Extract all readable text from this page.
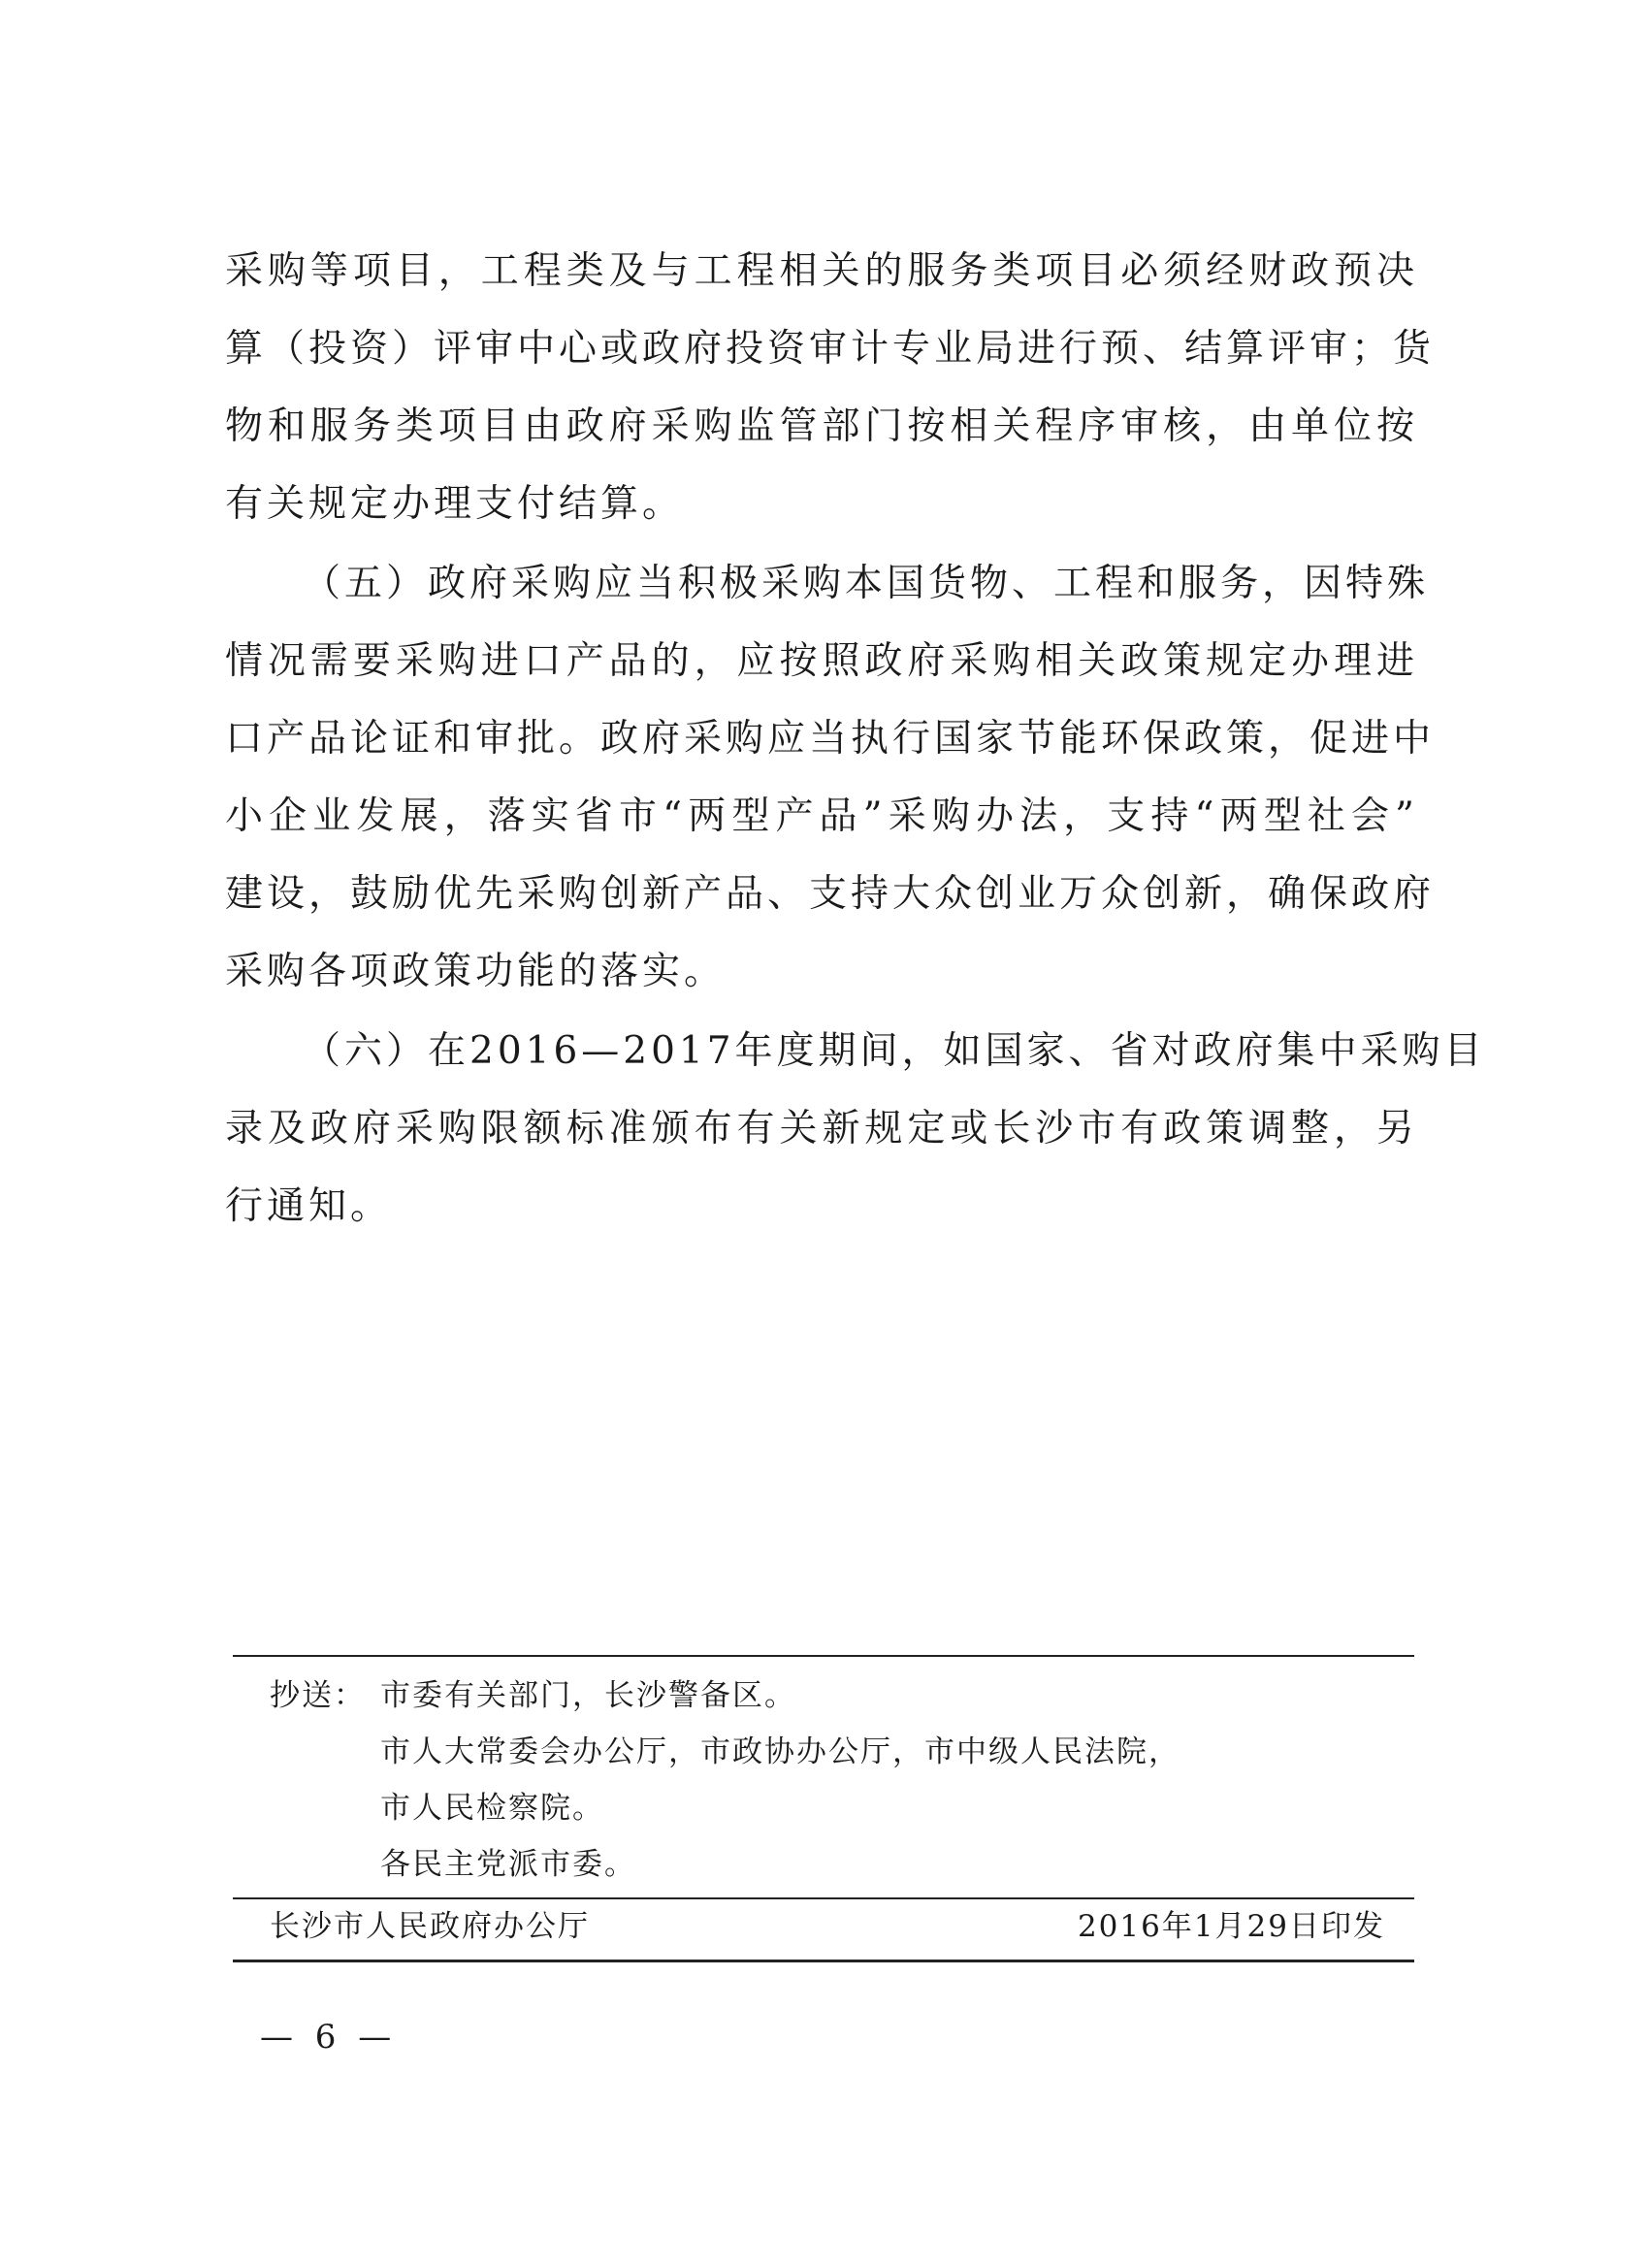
采购等项目，工程类及与工程相关的服务类项目必须经财政预决
算（投资）评审中心或政府投资审计专业局进行预、结算评审；货
物和服务类项目由政府采购监管部门按相关程序审核，由单位按
有关规定办理支付结算。
（五）政府采购应当积极采购本国货物、工程和服务，因特殊
情况需要采购进口产品的，应按照政府采购相关政策规定办理进
口产品论证和审批。政府采购应当执行国家节能环保政策，促进中
小企业发展，落实省市“两型产品”采购办法，支持“两型社会”
建设，鼓励优先采购创新产品、支持大众创业万众创新，确保政府
采购各项政策功能的落实。
（六）在2016—2017年度期间，如国家、省对政府集中采购目
录及政府采购限额标准颁布有关新规定或长沙市有政策调整，另
行通知。
抄送： 市委有关部门，长沙警备区。
市人大常委会办公厅，市政协办公厅，市中级人民法院，
市人民检察院。
各民主党派市委。
长沙市人民政府办公厅	2016年1月29日印发
— 6 —
